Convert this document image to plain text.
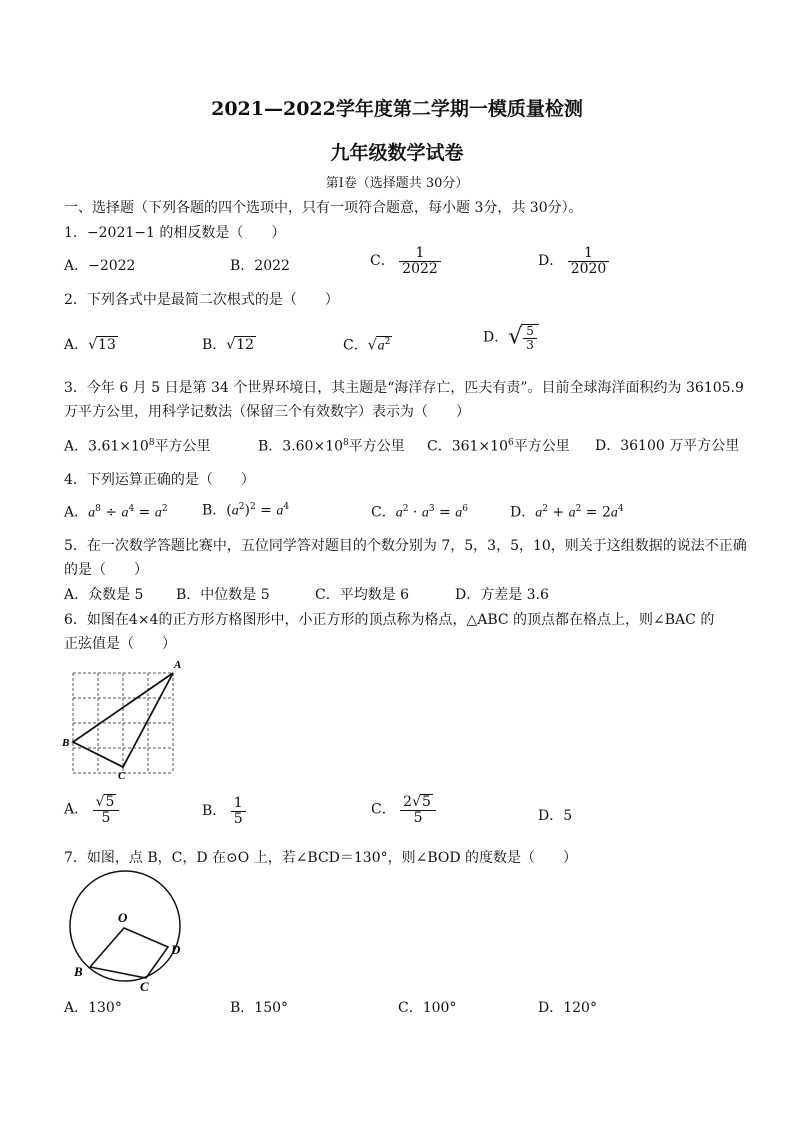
2021—2022学年度第二学期一模质量检测
九年级数学试卷
第Ⅰ卷（选择题共 30分）
一、选择题（下列各题的四个选项中，只有一项符合题意，每小题 3分，共 30分）。
1．−2021−1 的相反数是（　　）
A．−2022	B．2022	C． $\frac{1}{2022}$	D． $\frac{1}{2020}$
2．下列各式中是最简二次根式的是（　　）
A．√13	B．√12	C．$√a^2$	D．√ $\frac{5}{3}$
3．今年 6 月 5 日是第 34 个世界环境日，其主题是“海洋存亡，匹夫有责”。目前全球海洋面积约为 36105.9
万平方公里，用科学记数法（保留三个有效数字）表示为（　　）
A．$3.61\times 10^8$平方公里	B．$3.60\times 10^8$平方公里 C．$361\times 10^6$平方公里 D．36100 万平方公里
4．下列运算正确的是（　　）
A．$a^8 \div a^4 = a^2$ B．$(a^2)^2 = a^4$	C．$a^2 \cdot a^3 = a^6$	D．$a^2 + a^2 = 2a^4$
5．在一次数学答题比赛中，五位同学答对题目的个数分别为 7，5，3，5，10，则关于这组数据的说法不正确
的是（　　）
A．众数是 5 B．中位数是 5	C．平均数是 6	D．方差是 3.6
6．如图在4×4的正方形方格图形中，小正方形的顶点称为格点，△ABC 的顶点都在格点上，则∠BAC 的
正弦值是（　　）
A
B
C
A． $\frac{√5}{5}$	B． $\frac{1}{5}$	C． $\frac{2√5}{5}$	D．5
7．如图，点 B，C，D 在⊙O 上，若∠BCD＝130°，则∠BOD 的度数是（　　）
O
B
C
D
A．130°	B．150°	C．100°	D．120°
